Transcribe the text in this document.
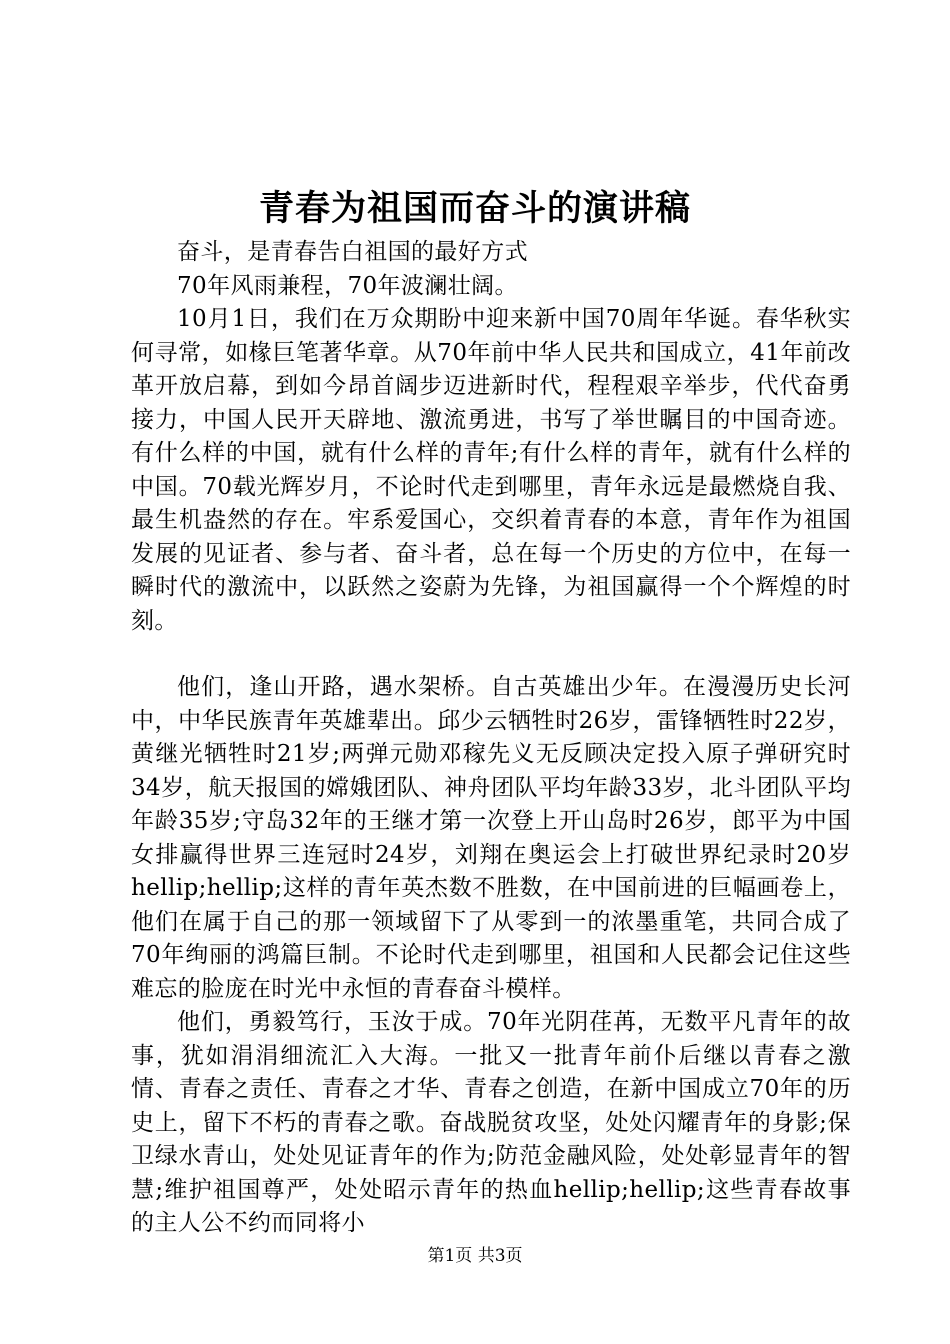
青春为祖国而奋斗的演讲稿

奋斗，是青春告白祖国的最好方式

70年风雨兼程，70年波澜壮阔。

10月1日，我们在万众期盼中迎来新中国70周年华诞。春华秋实何寻常，如椽巨笔著华章。从70年前中华人民共和国成立，41年前改革开放启幕，到如今昂首阔步迈进新时代，程程艰辛举步，代代奋勇接力，中国人民开天辟地、激流勇进，书写了举世瞩目的中国奇迹。有什么样的中国，就有什么样的青年;有什么样的青年，就有什么样的中国。70载光辉岁月，不论时代走到哪里，青年永远是最燃烧自我、最生机盎然的存在。牢系爱国心，交织着青春的本意，青年作为祖国发展的见证者、参与者、奋斗者，总在每一个历史的方位中，在每一瞬时代的激流中，以跃然之姿蔚为先锋，为祖国赢得一个个辉煌的时刻。

他们，逢山开路，遇水架桥。自古英雄出少年。在漫漫历史长河中，中华民族青年英雄辈出。邱少云牺牲时26岁，雷锋牺牲时22岁，黄继光牺牲时21岁;两弹元勋邓稼先义无反顾决定投入原子弹研究时34岁，航天报国的嫦娥团队、神舟团队平均年龄33岁，北斗团队平均年龄35岁;守岛32年的王继才第一次登上开山岛时26岁，郎平为中国女排赢得世界三连冠时24岁，刘翔在奥运会上打破世界纪录时20岁hellip;hellip;这样的青年英杰数不胜数，在中国前进的巨幅画卷上，他们在属于自己的那一领域留下了从零到一的浓墨重笔，共同合成了70年绚丽的鸿篇巨制。不论时代走到哪里，祖国和人民都会记住这些难忘的脸庞在时光中永恒的青春奋斗模样。

他们，勇毅笃行，玉汝于成。70年光阴荏苒，无数平凡青年的故事，犹如涓涓细流汇入大海。一批又一批青年前仆后继以青春之激情、青春之责任、青春之才华、青春之创造，在新中国成立70年的历史上，留下不朽的青春之歌。奋战脱贫攻坚，处处闪耀青年的身影;保卫绿水青山，处处见证青年的作为;防范金融风险，处处彰显青年的智慧;维护祖国尊严，处处昭示青年的热血hellip;hellip;这些青春故事的主人公不约而同将小

第1页 共3页
